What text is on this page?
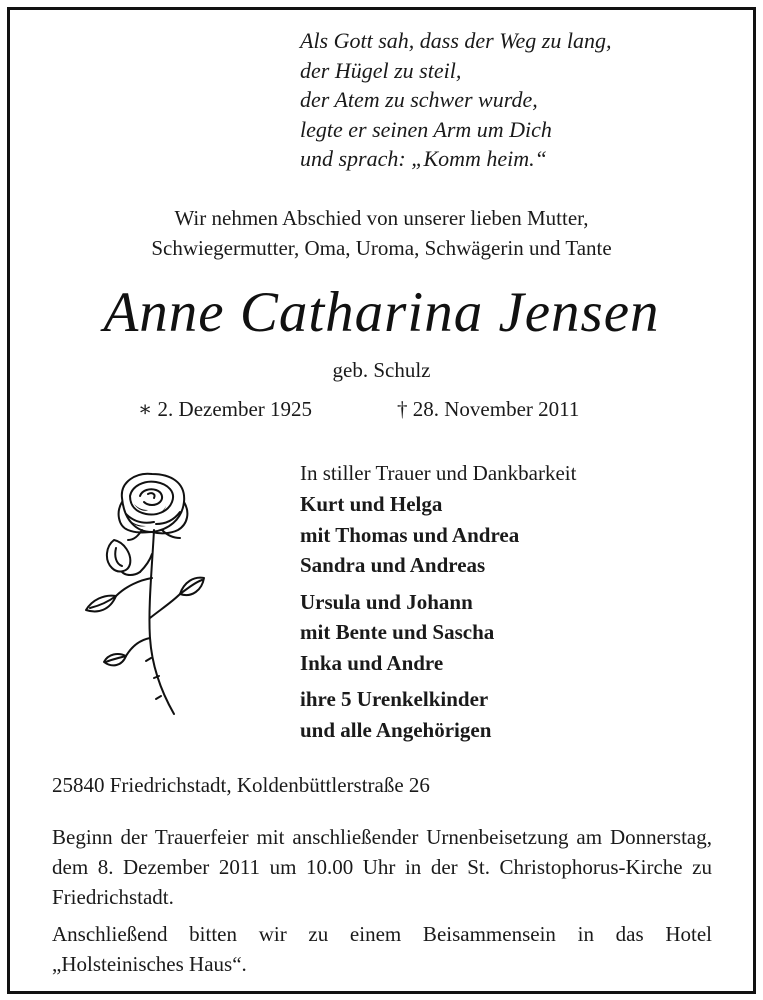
Als Gott sah, dass der Weg zu lang,
der Hügel zu steil,
der Atem zu schwer wurde,
legte er seinen Arm um Dich
und sprach: „Komm heim.“
Wir nehmen Abschied von unserer lieben Mutter,
Schwiegermutter, Oma, Uroma, Schwägerin und Tante
Anne Catharina Jensen
geb. Schulz
∗ 2. Dezember 1925	† 28. November 2011
In stiller Trauer und Dankbarkeit
Kurt und Helga
mit Thomas und Andrea
Sandra und Andreas
Ursula und Johann
mit Bente und Sascha
Inka und Andre
ihre 5 Urenkelkinder
und alle Angehörigen
25840 Friedrichstadt, Koldenbüttlerstraße 26
Beginn der Trauerfeier mit anschließender Urnenbeisetzung am Donnerstag, dem 8. Dezember 2011 um 10.00 Uhr in der St. Christophorus-Kirche zu Friedrichstadt.
Anschließend bitten wir zu einem Beisammensein in das Hotel „Holsteinisches Haus“.
